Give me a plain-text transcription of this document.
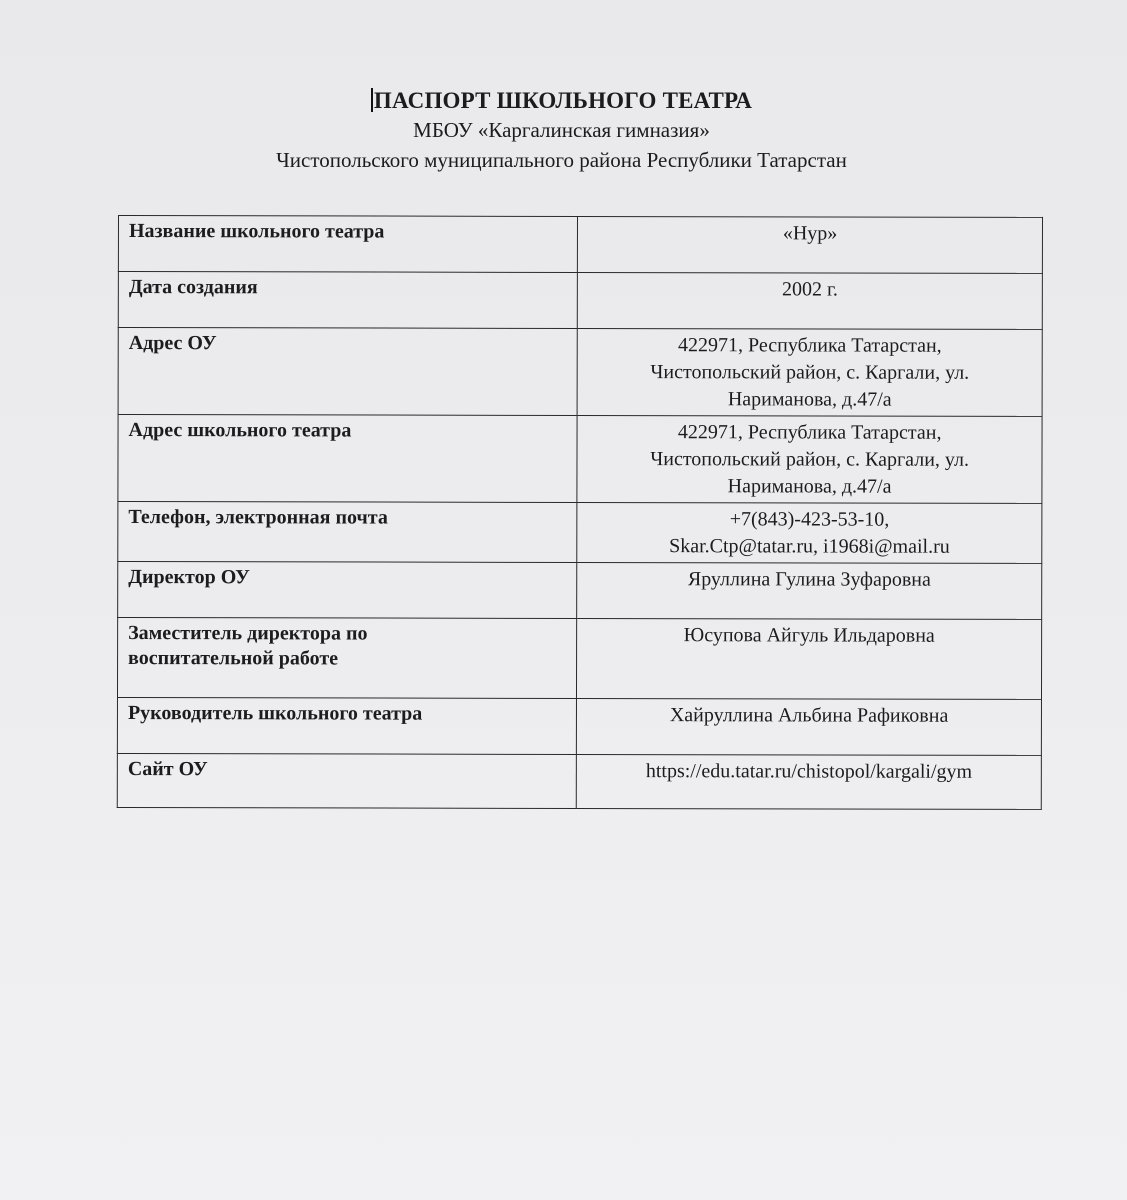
ПАСПОРТ ШКОЛЬНОГО ТЕАТРА
МБОУ «Каргалинская гимназия»
Чистопольского муниципального района Республики Татарстан
Название школьного театра	«Нур»
Дата создания	2002 г.
Адрес ОУ	422971, Республика Татарстан,
Чистопольский район, с. Каргали, ул.
Нариманова, д.47/а

Адрес школьного театра	422971, Республика Татарстан,
Чистопольский район, с. Каргали, ул.
Нариманова, д.47/а

Телефон, электронная почта	+7(843)-423-53-10,
Skar.Ctp@tatar.ru, i1968i@mail.ru

Директор ОУ	Яруллина Гулина Зуфаровна

Заместитель директора по
воспитательной работе	Юсупова Айгуль Ильдаровна
Руководитель школьного театра	Хайруллина Альбина Рафиковна
Сайт ОУ	https://edu.tatar.ru/chistopol/kargali/gym
